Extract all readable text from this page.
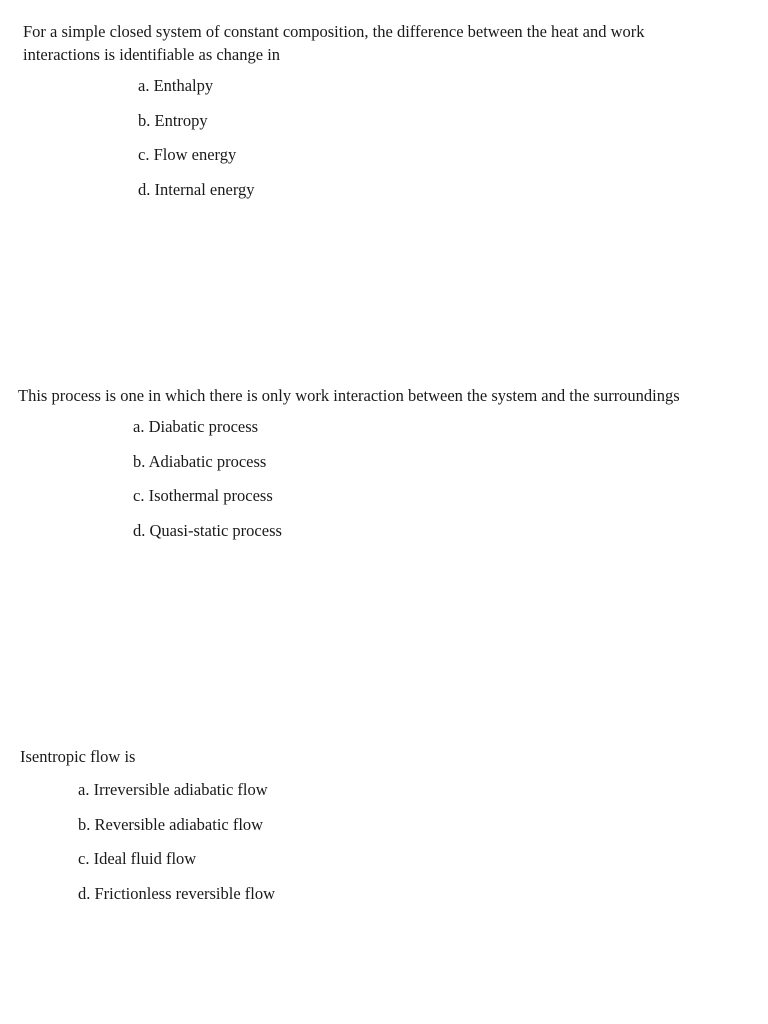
For a simple closed system of constant composition, the difference between the heat and work interactions is identifiable as change in

a. Enthalpy
b. Entropy
c. Flow energy
d. Internal energy

This process is one in which there is only work interaction between the system and the surroundings

a. Diabatic process
b. Adiabatic process
c. Isothermal process
d. Quasi-static process

Isentropic flow is

a. Irreversible adiabatic flow
b. Reversible adiabatic flow
c. Ideal fluid flow
d. Frictionless reversible flow
